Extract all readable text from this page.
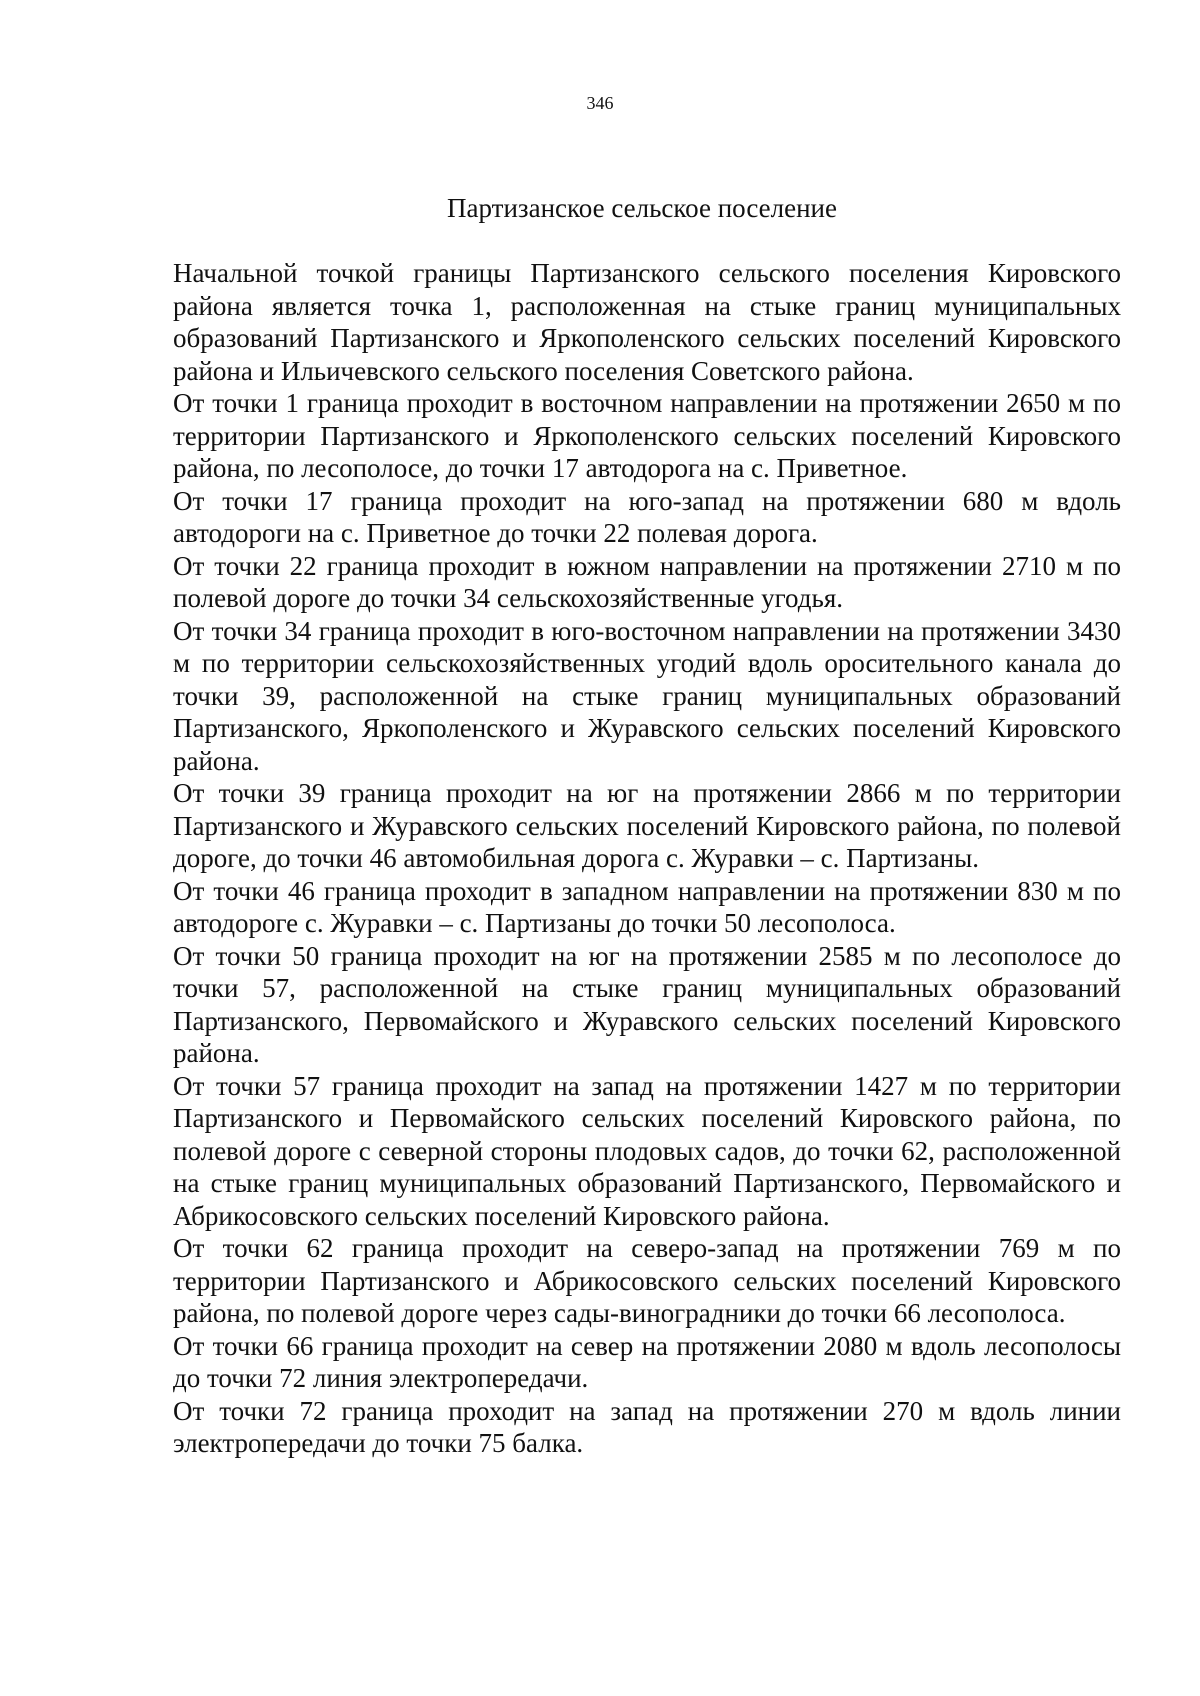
346
Партизанское сельское поселение

Начальной точкой границы Партизанского сельского поселения Кировского района является точка 1, расположенная на стыке границ муниципальных образований Партизанского и Яркополенского сельских поселений Кировского района и Ильичевского сельского поселения Советского района.

От точки 1 граница проходит в восточном направлении на протяжении 2650 м по территории Партизанского и Яркополенского сельских поселений Кировского района, по лесополосе, до точки 17 автодорога на с. Приветное.

От точки 17 граница проходит на юго-запад на протяжении 680 м вдоль автодороги на с. Приветное до точки 22 полевая дорога.

От точки 22 граница проходит в южном направлении на протяжении 2710 м по полевой дороге до точки 34 сельскохозяйственные угодья.

От точки 34 граница проходит в юго-восточном направлении на протяжении 3430 м по территории сельскохозяйственных угодий вдоль оросительного канала до точки 39, расположенной на стыке границ муниципальных образований Партизанского, Яркополенского и Журавского сельских поселений Кировского района.

От точки 39 граница проходит на юг на протяжении 2866 м по территории Партизанского и Журавского сельских поселений Кировского района, по полевой дороге, до точки 46 автомобильная дорога с. Журавки – с. Партизаны.

От точки 46 граница проходит в западном направлении на протяжении 830 м по автодороге с. Журавки – с. Партизаны до точки 50 лесополоса.

От точки 50 граница проходит на юг на протяжении 2585 м по лесополосе до точки 57, расположенной на стыке границ муниципальных образований Партизанского, Первомайского и Журавского сельских поселений Кировского района.

От точки 57 граница проходит на запад на протяжении 1427 м по территории Партизанского и Первомайского сельских поселений Кировского района, по полевой дороге с северной стороны плодовых садов, до точки 62, расположенной на стыке границ муниципальных образований Партизанского, Первомайского и Абрикосовского сельских поселений Кировского района.

От точки 62 граница проходит на северо-запад на протяжении 769 м по территории Партизанского и Абрикосовского сельских поселений Кировского района, по полевой дороге через сады-виноградники до точки 66 лесополоса.

От точки 66 граница проходит на север на протяжении 2080 м вдоль лесополосы до точки 72 линия электропередачи.

От точки 72 граница проходит на запад на протяжении 270 м вдоль линии электропередачи до точки 75 балка.
